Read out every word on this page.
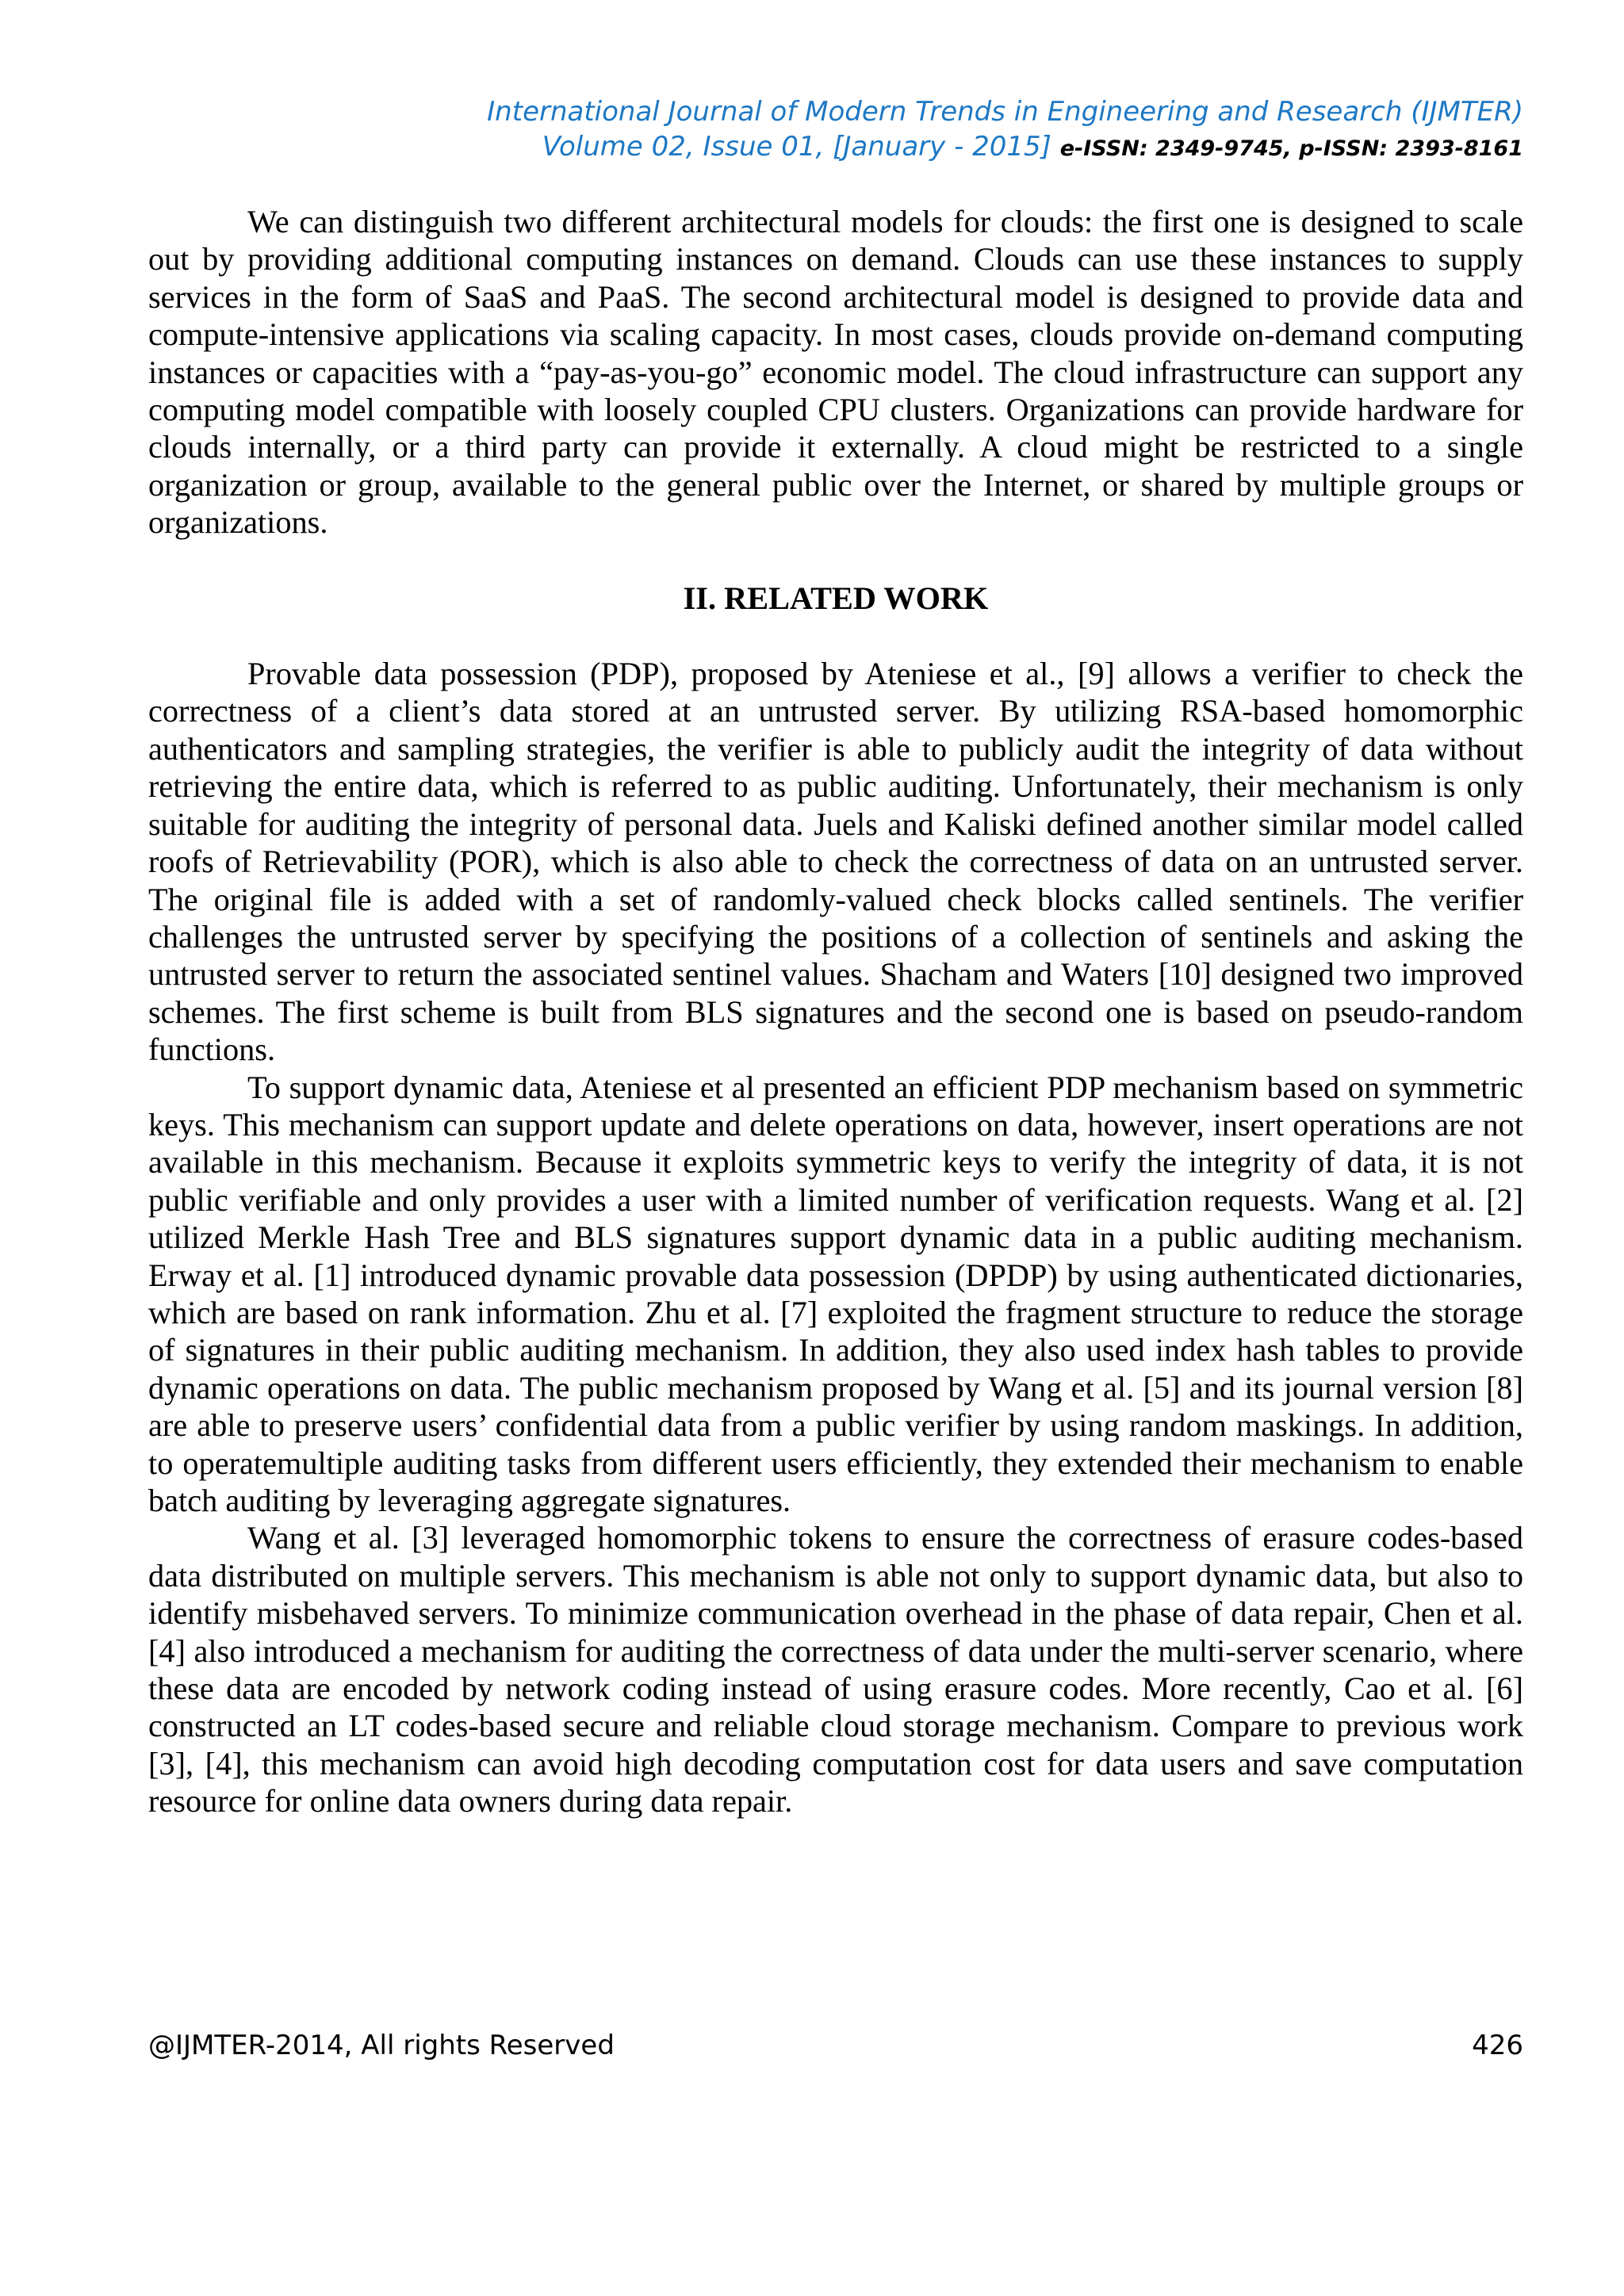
International Journal of Modern Trends in Engineering and Research (IJMTER)
Volume 02, Issue 01, [January - 2015] e-ISSN: 2349-9745, p-ISSN: 2393-8161

We can distinguish two different architectural models for clouds: the first one is designed to scale out by providing additional computing instances on demand. Clouds can use these instances to supply services in the form of SaaS and PaaS. The second architectural model is designed to provide data and compute-intensive applications via scaling capacity. In most cases, clouds provide on-demand computing instances or capacities with a “pay-as-you-go” economic model. The cloud infrastructure can support any computing model compatible with loosely coupled CPU clusters. Organizations can provide hardware for clouds internally, or a third party can provide it externally. A cloud might be restricted to a single organization or group, available to the general public over the Internet, or shared by multiple groups or organizations.

II. RELATED WORK

Provable data possession (PDP), proposed by Ateniese et al., [9] allows a verifier to check the correctness of a client’s data stored at an untrusted server. By utilizing RSA-based homomorphic authenticators and sampling strategies, the verifier is able to publicly audit the integrity of data without retrieving the entire data, which is referred to as public auditing. Unfortunately, their mechanism is only suitable for auditing the integrity of personal data. Juels and Kaliski defined another similar model called roofs of Retrievability (POR), which is also able to check the correctness of data on an untrusted server. The original file is added with a set of randomly-valued check blocks called sentinels. The verifier challenges the untrusted server by specifying the positions of a collection of sentinels and asking the untrusted server to return the associated sentinel values. Shacham and Waters [10] designed two improved schemes. The first scheme is built from BLS signatures and the second one is based on pseudo-random functions.

To support dynamic data, Ateniese et al presented an efficient PDP mechanism based on symmetric keys. This mechanism can support update and delete operations on data, however, insert operations are not available in this mechanism. Because it exploits symmetric keys to verify the integrity of data, it is not public verifiable and only provides a user with a limited number of verification requests. Wang et al. [2] utilized Merkle Hash Tree and BLS signatures support dynamic data in a public auditing mechanism. Erway et al. [1] introduced dynamic provable data possession (DPDP) by using authenticated dictionaries, which are based on rank information. Zhu et al. [7] exploited the fragment structure to reduce the storage of signatures in their public auditing mechanism. In addition, they also used index hash tables to provide dynamic operations on data. The public mechanism proposed by Wang et al. [5] and its journal version [8] are able to preserve users’ confidential data from a public verifier by using random maskings. In addition, to operatemultiple auditing tasks from different users efficiently, they extended their mechanism to enable batch auditing by leveraging aggregate signatures.

Wang et al. [3] leveraged homomorphic tokens to ensure the correctness of erasure codes-based data distributed on multiple servers. This mechanism is able not only to support dynamic data, but also to identify misbehaved servers. To minimize communication overhead in the phase of data repair, Chen et al. [4] also introduced a mechanism for auditing the correctness of data under the multi-server scenario, where these data are encoded by network coding instead of using erasure codes. More recently, Cao et al. [6] constructed an LT codes-based secure and reliable cloud storage mechanism. Compare to previous work [3], [4], this mechanism can avoid high decoding computation cost for data users and save computation resource for online data owners during data repair.

@IJMTER-2014, All rights Reserved	426
